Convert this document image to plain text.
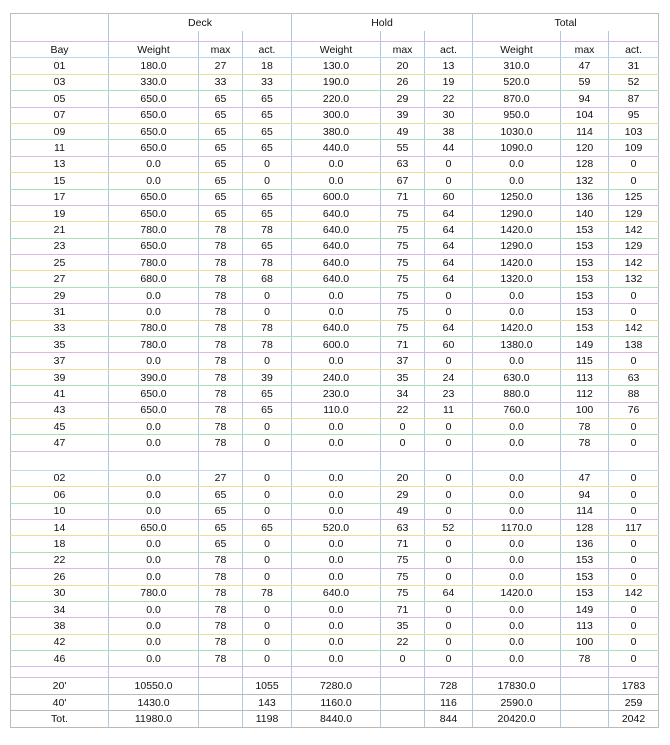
	Deck			Hold			Total		

Bay	Weight	max	act.	Weight	max	act.	Weight	max	act.
01	180.0	27	18	130.0	20	13	310.0	47	31
03	330.0	33	33	190.0	26	19	520.0	59	52
05	650.0	65	65	220.0	29	22	870.0	94	87
07	650.0	65	65	300.0	39	30	950.0	104	95
09	650.0	65	65	380.0	49	38	1030.0	114	103
11	650.0	65	65	440.0	55	44	1090.0	120	109
13	0.0	65	0	0.0	63	0	0.0	128	0
15	0.0	65	0	0.0	67	0	0.0	132	0
17	650.0	65	65	600.0	71	60	1250.0	136	125
19	650.0	65	65	640.0	75	64	1290.0	140	129
21	780.0	78	78	640.0	75	64	1420.0	153	142
23	650.0	78	65	640.0	75	64	1290.0	153	129
25	780.0	78	78	640.0	75	64	1420.0	153	142
27	680.0	78	68	640.0	75	64	1320.0	153	132
29	0.0	78	0	0.0	75	0	0.0	153	0
31	0.0	78	0	0.0	75	0	0.0	153	0
33	780.0	78	78	640.0	75	64	1420.0	153	142
35	780.0	78	78	600.0	71	60	1380.0	149	138
37	0.0	78	0	0.0	37	0	0.0	115	0
39	390.0	78	39	240.0	35	24	630.0	113	63
41	650.0	78	65	230.0	34	23	880.0	112	88
43	650.0	78	65	110.0	22	11	760.0	100	76
45	0.0	78	0	0.0	0	0	0.0	78	0
47	0.0	78	0	0.0	0	0	0.0	78	0

02	0.0	27	0	0.0	20	0	0.0	47	0
06	0.0	65	0	0.0	29	0	0.0	94	0
10	0.0	65	0	0.0	49	0	0.0	114	0
14	650.0	65	65	520.0	63	52	1170.0	128	117
18	0.0	65	0	0.0	71	0	0.0	136	0
22	0.0	78	0	0.0	75	0	0.0	153	0
26	0.0	78	0	0.0	75	0	0.0	153	0
30	780.0	78	78	640.0	75	64	1420.0	153	142
34	0.0	78	0	0.0	71	0	0.0	149	0
38	0.0	78	0	0.0	35	0	0.0	113	0
42	0.0	78	0	0.0	22	0	0.0	100	0
46	0.0	78	0	0.0	0	0	0.0	78	0

20'	10550.0		1055	7280.0		728	17830.0		1783
40'	1430.0		143	1160.0		116	2590.0		259
Tot.	11980.0		1198	8440.0		844	20420.0		2042
